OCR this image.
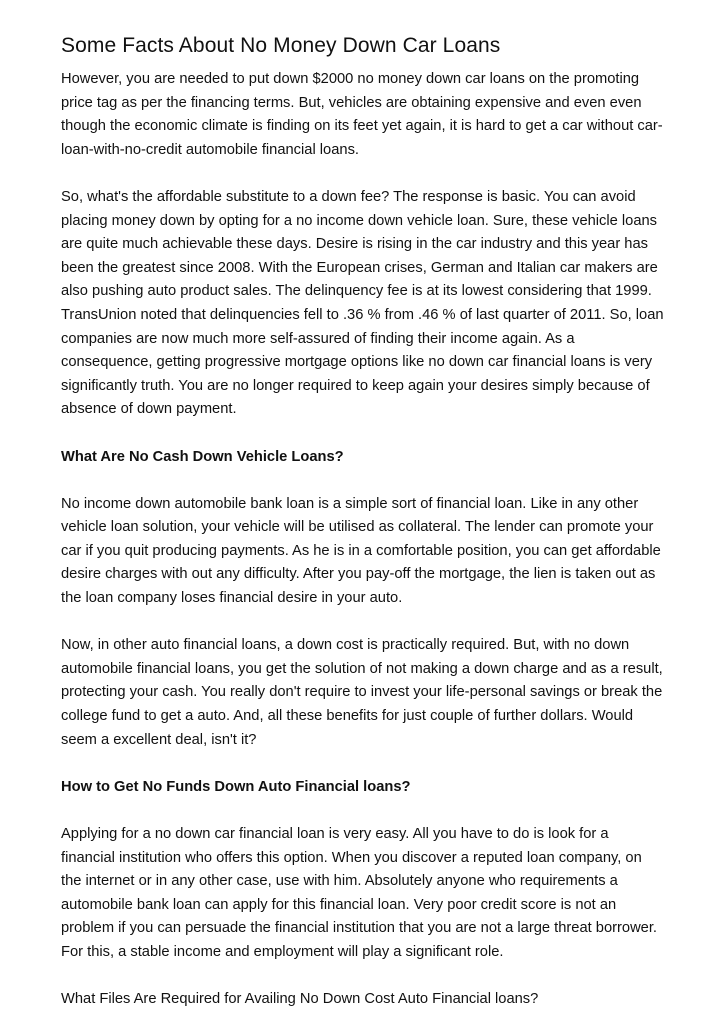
Some Facts About No Money Down Car Loans
However, you are needed to put down $2000 no money down car loans on the promoting
price tag as per the financing terms. But, vehicles are obtaining expensive and even even
though the economic climate is finding on its feet yet again, it is hard to get a car without car-
loan-with-no-credit automobile financial loans.
So, what's the affordable substitute to a down fee? The response is basic. You can avoid
placing money down by opting for a no income down vehicle loan. Sure, these vehicle loans
are quite much achievable these days. Desire is rising in the car industry and this year has
been the greatest since 2008. With the European crises, German and Italian car makers are
also pushing auto product sales. The delinquency fee is at its lowest considering that 1999.
TransUnion noted that delinquencies fell to .36 % from .46 % of last quarter of 2011. So, loan
companies are now much more self-assured of finding their income again. As a
consequence, getting progressive mortgage options like no down car financial loans is very
significantly truth. You are no longer required to keep again your desires simply because of
absence of down payment.
What Are No Cash Down Vehicle Loans?
No income down automobile bank loan is a simple sort of financial loan. Like in any other
vehicle loan solution, your vehicle will be utilised as collateral. The lender can promote your
car if you quit producing payments. As he is in a comfortable position, you can get affordable
desire charges with out any difficulty. After you pay-off the mortgage, the lien is taken out as
the loan company loses financial desire in your auto.
Now, in other auto financial loans, a down cost is practically required. But, with no down
automobile financial loans, you get the solution of not making a down charge and as a result,
protecting your cash. You really don't require to invest your life-personal savings or break the
college fund to get a auto. And, all these benefits for just couple of further dollars. Would
seem a excellent deal, isn't it?
How to Get No Funds Down Auto Financial loans?
Applying for a no down car financial loan is very easy. All you have to do is look for a
financial institution who offers this option. When you discover a reputed loan company, on
the internet or in any other case, use with him. Absolutely anyone who requirements a
automobile bank loan can apply for this financial loan. Very poor credit score is not an
problem if you can persuade the financial institution that you are not a large threat borrower.
For this, a stable income and employment will play a significant role.
What Files Are Required for Availing No Down Cost Auto Financial loans?
